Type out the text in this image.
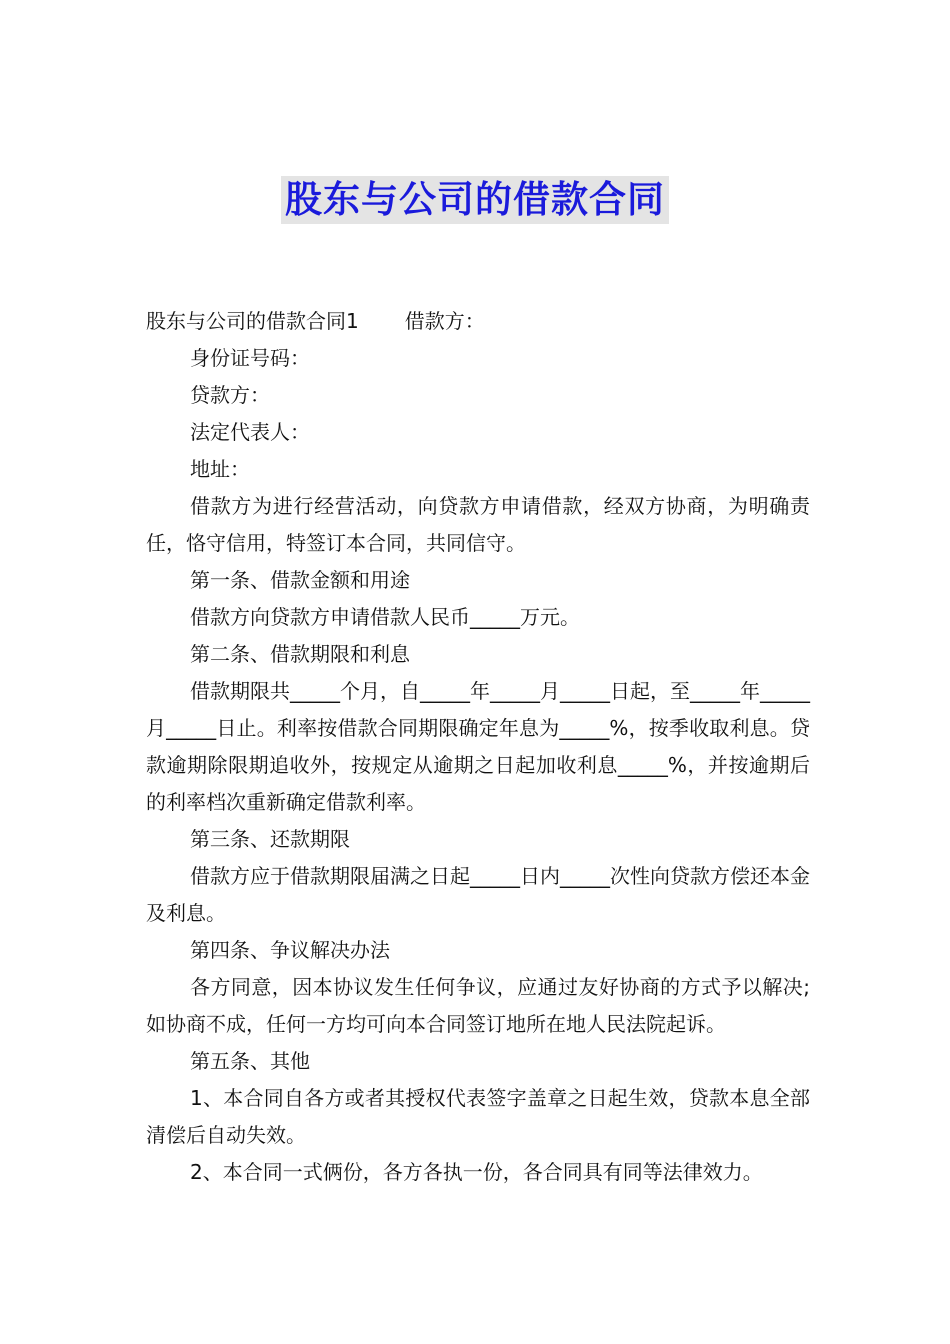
股东与公司的借款合同

股东与公司的借款合同1 借款方：

身份证号码：

贷款方：

法定代表人：

地址：

借款方为进行经营活动，向贷款方申请借款，经双方协商，为明确责任，恪守信用，特签订本合同，共同信守。

第一条、借款金额和用途

借款方向贷款方申请借款人民币_____万元。

第二条、借款期限和利息

借款期限共_____个月，自_____年_____月_____日起，至_____年_____月_____日止。利率按借款合同期限确定年息为_____%，按季收取利息。贷款逾期除限期追收外，按规定从逾期之日起加收利息_____%，并按逾期后的利率档次重新确定借款利率。

第三条、还款期限

借款方应于借款期限届满之日起_____日内_____次性向贷款方偿还本金及利息。

第四条、争议解决办法

各方同意，因本协议发生任何争议，应通过友好协商的方式予以解决;如协商不成，任何一方均可向本合同签订地所在地人民法院起诉。

第五条、其他

1、本合同自各方或者其授权代表签字盖章之日起生效，贷款本息全部清偿后自动失效。

2、本合同一式俩份，各方各执一份，各合同具有同等法律效力。
